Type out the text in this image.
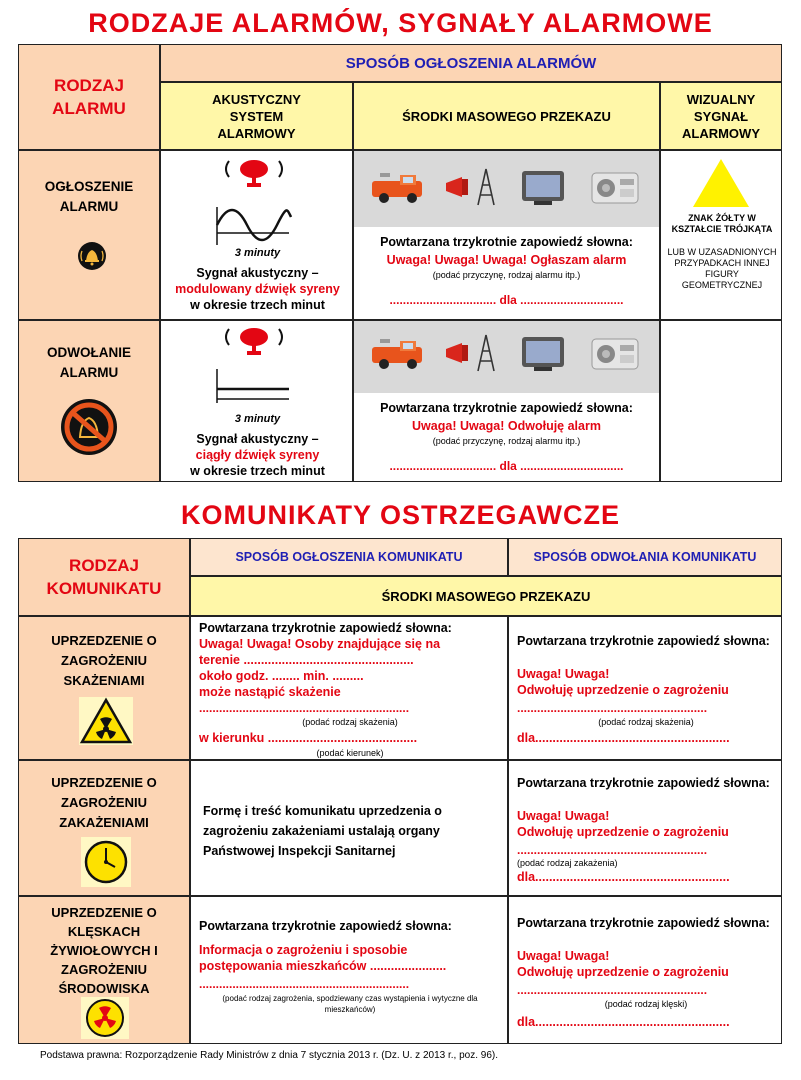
RODZAJE ALARMÓW, SYGNAŁY ALARMOWE
RODZAJ ALARMU
SPOSÓB OGŁOSZENIA ALARMÓW
AKUSTYCZNY SYSTEM ALARMOWY
ŚRODKI MASOWEGO PRZEKAZU
WIZUALNY SYGNAŁ ALARMOWY
OGŁOSZENIE ALARMU
3 minuty
Sygnał akustyczny –
modulowany dźwięk syreny
w okresie trzech minut
Powtarzana trzykrotnie zapowiedź słowna:
Uwaga! Uwaga! Uwaga! Ogłaszam alarm
(podać przyczynę, rodzaj alarmu itp.)
................................ dla ...............................
ZNAK ŻÓŁTY W KSZTAŁCIE TRÓJKĄTA
LUB W UZASADNIONYCH PRZYPADKACH INNEJ FIGURY GEOMETRYCZNEJ
ODWOŁANIE ALARMU
3 minuty
Sygnał akustyczny –
ciągły dźwięk syreny
w okresie trzech minut
Powtarzana trzykrotnie zapowiedź słowna:
Uwaga! Uwaga! Odwołuję alarm
(podać przyczynę, rodzaj alarmu itp.)
................................ dla ...............................
KOMUNIKATY OSTRZEGAWCZE
RODZAJ KOMUNIKATU
SPOSÓB OGŁOSZENIA KOMUNIKATU	SPOSÓB ODWOŁANIA KOMUNIKATU
ŚRODKI MASOWEGO PRZEKAZU
UPRZEDZENIE O ZAGROŻENIU SKAŻENIAMI
Powtarzana trzykrotnie zapowiedź słowna:
Uwaga! Uwaga! Osoby znajdujące się na
terenie .................................................
około godz. ........ min. .........
może nastąpić skażenie
...............................................................
(podać rodzaj skażenia)
w kierunku ...........................................
(podać kierunek)
Powtarzana trzykrotnie zapowiedź słowna:
Uwaga! Uwaga!
Odwołuję uprzedzenie o zagrożeniu
.........................................................
(podać rodzaj skażenia)
dla........................................................
UPRZEDZENIE O ZAGROŻENIU ZAKAŻENIAMI
Formę i treść komunikatu uprzedzenia o zagrożeniu zakażeniami ustalają organy Państwowej Inspekcji Sanitarnej
Powtarzana trzykrotnie zapowiedź słowna:
Uwaga! Uwaga!
Odwołuję uprzedzenie o zagrożeniu
.........................................................
(podać rodzaj zakażenia)
dla........................................................
UPRZEDZENIE O KLĘSKACH ŻYWIOŁOWYCH I ZAGROŻENIU ŚRODOWISKA
Powtarzana trzykrotnie zapowiedź słowna:
Informacja o zagrożeniu i sposobie
postępowania mieszkańców ......................
...............................................................
(podać rodzaj zagrożenia, spodziewany czas wystąpienia i wytyczne dla mieszkańców)
Powtarzana trzykrotnie zapowiedź słowna:
Uwaga! Uwaga!
Odwołuję uprzedzenie o zagrożeniu
.........................................................
(podać rodzaj klęski)
dla........................................................
Podstawa prawna: Rozporządzenie Rady Ministrów z dnia 7 stycznia 2013 r. (Dz. U. z 2013 r., poz. 96).
